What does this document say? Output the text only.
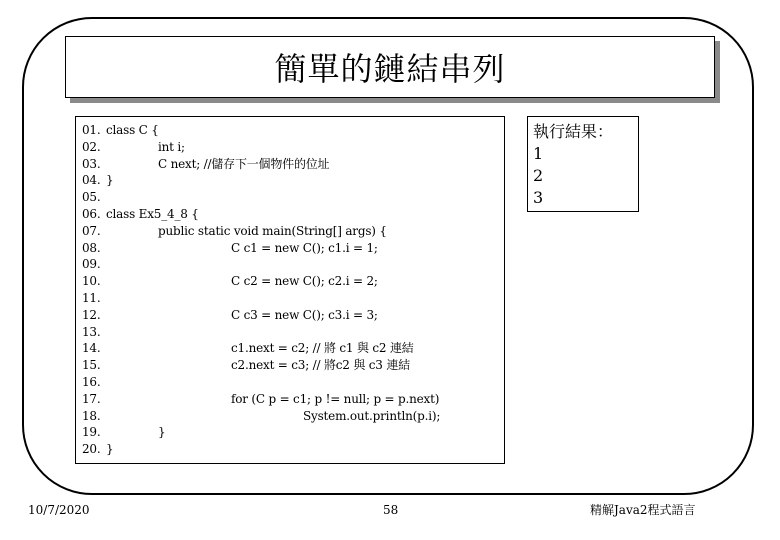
簡單的鏈結串列
01. class C {
02.	int i;
03.	C next; //儲存下一個物件的位址
04. }
05.
06. class Ex5_4_8 {
07.	public static void main(String[] args) {
08.	C c1 = new C(); c1.i = 1;
09.
10.	C c2 = new C(); c2.i = 2;
11.
12.	C c3 = new C(); c3.i = 3;
13.
14.	c1.next = c2; // 將 c1 與 c2 連結
15.	c2.next = c3; // 將c2 與 c3 連結
16.
17.	for (C p = c1; p != null; p = p.next)
18.	System.out.println(p.i);
19.	}
20. }
執行結果：
1
2
3
10/7/2020	58	精解Java2程式語言
